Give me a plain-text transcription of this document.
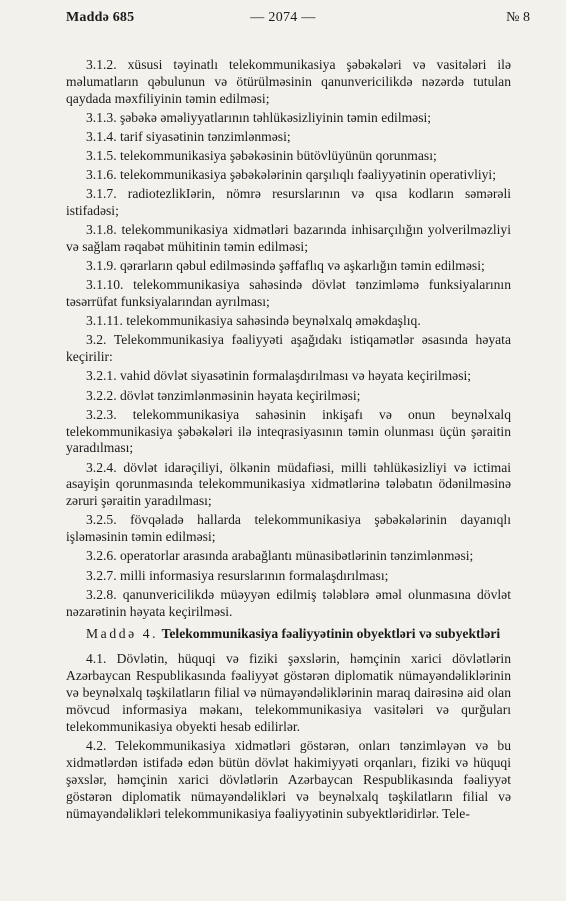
Maddə 685	— 2074 —	№ 8

3.1.2. xüsusi təyinatlı telekommunikasiya şəbəkələri və vasitələri ilə məlumatların qəbulunun və ötürülməsinin qanunvericilikdə nəzərdə tutulan qaydada məxfiliyinin təmin edilməsi;

3.1.3. şəbəkə əməliyyatlarının təhlükəsizliyinin təmin edilməsi;

3.1.4. tarif siyasətinin tənzimlənməsi;

3.1.5. telekommunikasiya şəbəkəsinin bütövlüyünün qorunması;

3.1.6. telekommunikasiya şəbəkələrinin qarşılıqlı fəaliyyətinin operativliyi;

3.1.7. radiotezlikIərin, nömrə resurslarının və qısa kodların səmərəli istifadəsi;

3.1.8. telekommunikasiya xidmətləri bazarında inhisarçılığın yolverilməzliyi və sağlam rəqabət mühitinin təmin edilməsi;

3.1.9. qərarların qəbul edilməsində şəffaflıq və aşkarlığın təmin edilməsi;

3.1.10. telekommunikasiya sahəsində dövlət tənzimləmə funksiyalarının təsərrüfat funksiyalarından ayrılması;

3.1.11. telekommunikasiya sahəsində beynəlxalq əməkdaşlıq.

3.2. Telekommunikasiya fəaliyyəti aşağıdakı istiqamətlər əsasında həyata keçirilir:

3.2.1. vahid dövlət siyasətinin formalaşdırılması və həyata keçirilməsi;

3.2.2. dövlət tənzimlənməsinin həyata keçirilməsi;

3.2.3. telekommunikasiya sahəsinin inkişafı və onun beynəlxalq telekommunikasiya şəbəkələri ilə inteqrasiyasının təmin olunması üçün şəraitin yaradılması;

3.2.4. dövlət idarəçiliyi, ölkənin müdafiəsi, milli təhlükəsizliyi və ictimai asayişin qorunmasında telekommunikasiya xidmətlərinə tələbatın ödənilməsinə zəruri şəraitin yaradılması;

3.2.5. fövqəladə hallarda telekommunikasiya şəbəkələrinin dayanıqlı işləməsinin təmin edilməsi;

3.2.6. operatorlar arasında arabağlantı münasibətlərinin tənzimlənməsi;

3.2.7. milli informasiya resurslarının formalaşdırılması;

3.2.8. qanunvericilikdə müəyyən edilmiş tələblərə əməl olunmasına dövlət nəzarətinin həyata keçirilməsi.

Maddə 4. Telekommunikasiya fəaliyyətinin obyektləri və subyektləri

4.1. Dövlətin, hüquqi və fiziki şəxslərin, həmçinin xarici dövlətlərin Azərbaycan Respublikasında fəaliyyət göstərən diplomatik nümayəndəliklərinin və beynəlxalq təşkilatların filial və nümayəndəliklərinin maraq dairəsinə aid olan mövcud informasiya məkanı, telekommunikasiya vasitələri və qurğuları telekommunikasiya obyekti hesab edilirlər.

4.2. Telekommunikasiya xidmətləri göstərən, onları tənzimləyən və bu xidmətlərdən istifadə edən bütün dövlət hakimiyyəti orqanları, fiziki və hüquqi şəxslər, həmçinin xarici dövlətlərin Azərbaycan Respublikasında fəaliyyət göstərən diplomatik nümayəndəlikləri və beynəlxalq təşkilatların filial və nümayəndəlikləri telekommunikasiya fəaliyyətinin subyektləridirlər. Tele-
